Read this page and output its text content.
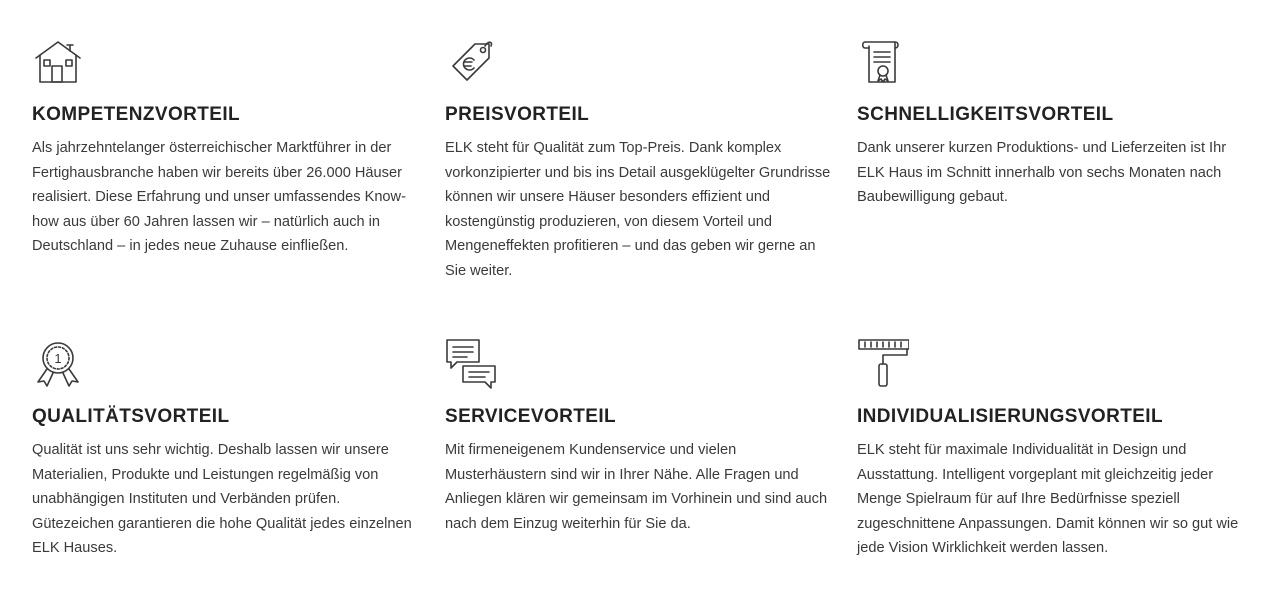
KOMPETENZVORTEIL

Als jahrzehntelanger österreichischer Marktführer in der Fertighausbranche haben wir bereits über 26.000 Häuser realisiert. Diese Erfahrung und unser umfassendes Know-how aus über 60 Jahren lassen wir – natürlich auch in Deutschland – in jedes neue Zuhause einfließen.

PREISVORTEIL

ELK steht für Qualität zum Top-Preis. Dank komplex vorkonzipierter und bis ins Detail ausgeklügelter Grundrisse können wir unsere Häuser besonders effizient und kostengünstig produzieren, von diesem Vorteil und Mengeneffekten profitieren – und das geben wir gerne an Sie weiter.

SCHNELLIGKEITSVORTEIL

Dank unserer kurzen Produktions- und Lieferzeiten ist Ihr ELK Haus im Schnitt innerhalb von sechs Monaten nach Baubewilligung gebaut.

1
QUALITÄTSVORTEIL

Qualität ist uns sehr wichtig. Deshalb lassen wir unsere Materialien, Produkte und Leistungen regelmäßig von unabhängigen Instituten und Verbänden prüfen. Gütezeichen garantieren die hohe Qualität jedes einzelnen ELK Hauses.

SERVICEVORTEIL

Mit firmeneigenem Kundenservice und vielen Musterhäustern sind wir in Ihrer Nähe. Alle Fragen und Anliegen klären wir gemeinsam im Vorhinein und sind auch nach dem Einzug weiterhin für Sie da.

INDIVIDUALISIERUNGSVORTEIL

ELK steht für maximale Individualität in Design und Ausstattung. Intelligent vorgeplant mit gleichzeitig jeder Menge Spielraum für auf Ihre Bedürfnisse speziell zugeschnittene Anpassungen. Damit können wir so gut wie jede Vision Wirklichkeit werden lassen.
